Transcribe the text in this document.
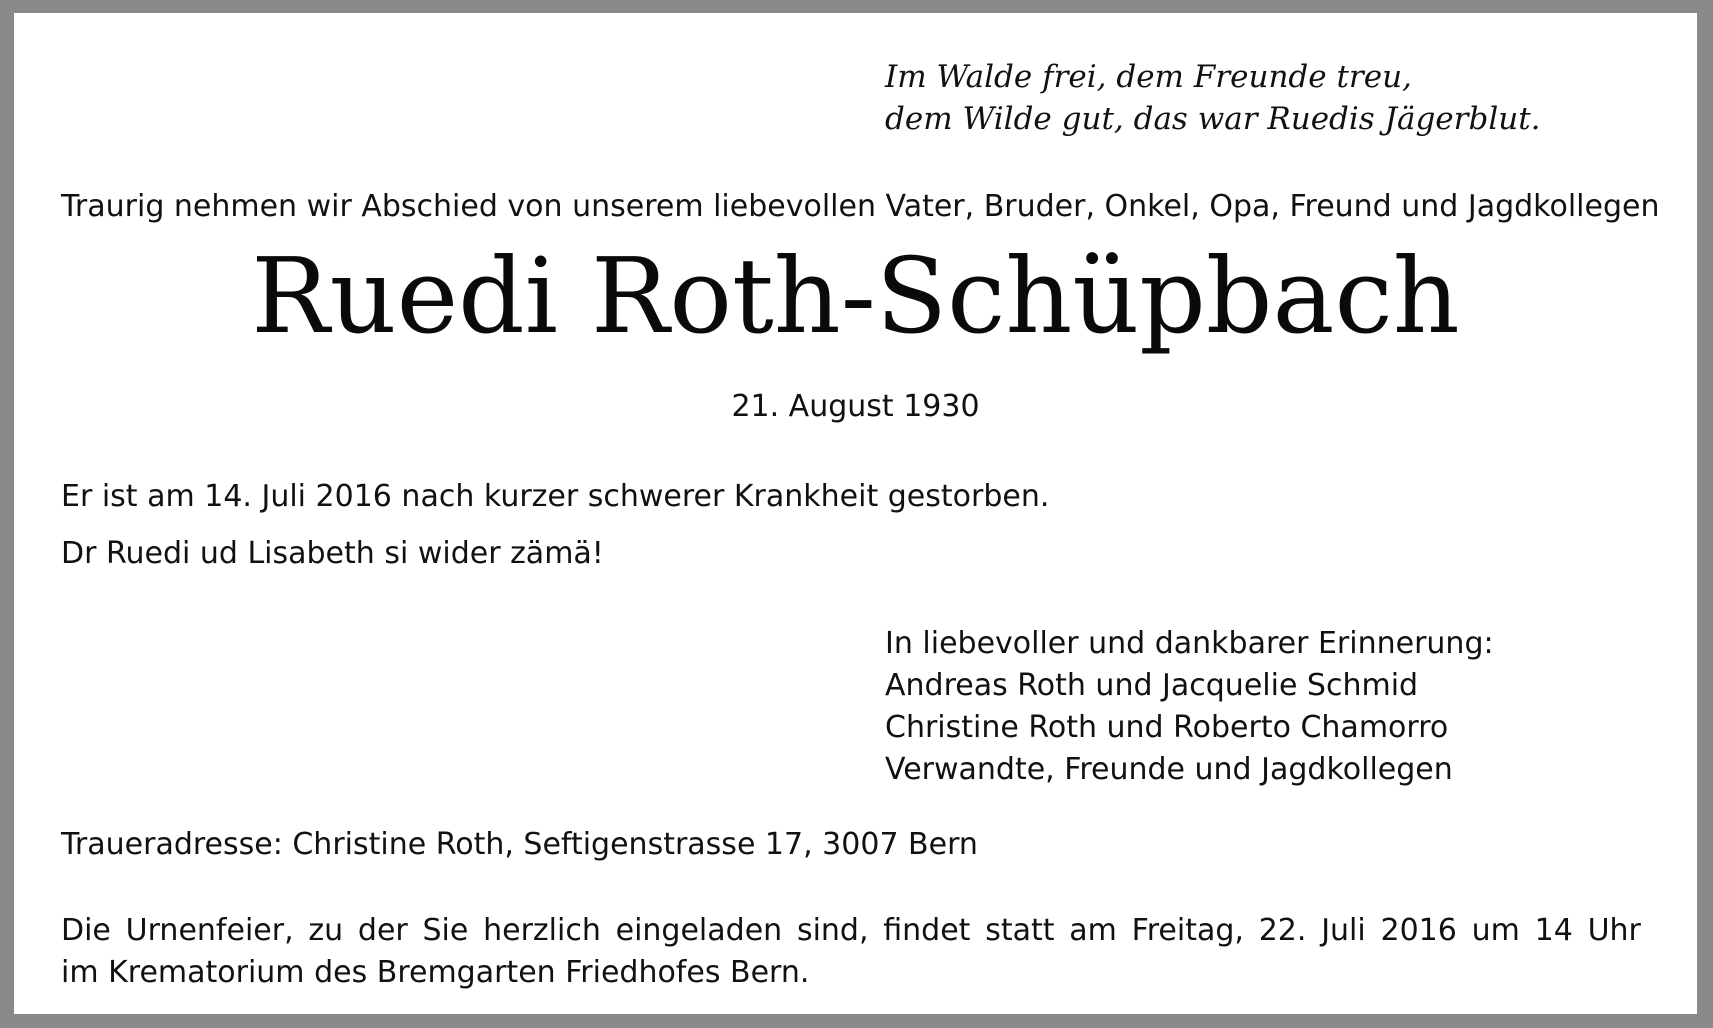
Im Walde frei, dem Freunde treu,
dem Wilde gut, das war Ruedis Jägerblut.
Traurig nehmen wir Abschied von unserem liebevollen Vater, Bruder, Onkel, Opa, Freund und Jagdkollegen
Ruedi Roth-Schüpbach
21. August 1930
Er ist am 14. Juli 2016 nach kurzer schwerer Krankheit gestorben.
Dr Ruedi ud Lisabeth si wider zämä!
In liebevoller und dankbarer Erinnerung:
Andreas Roth und Jacquelie Schmid
Christine Roth und Roberto Chamorro
Verwandte, Freunde und Jagdkollegen
Traueradresse: Christine Roth, Seftigenstrasse 17, 3007 Bern
Die Urnenfeier, zu der Sie herzlich eingeladen sind, findet statt am Freitag, 22. Juli 2016 um 14 Uhr
im Krematorium des Bremgarten Friedhofes Bern.
